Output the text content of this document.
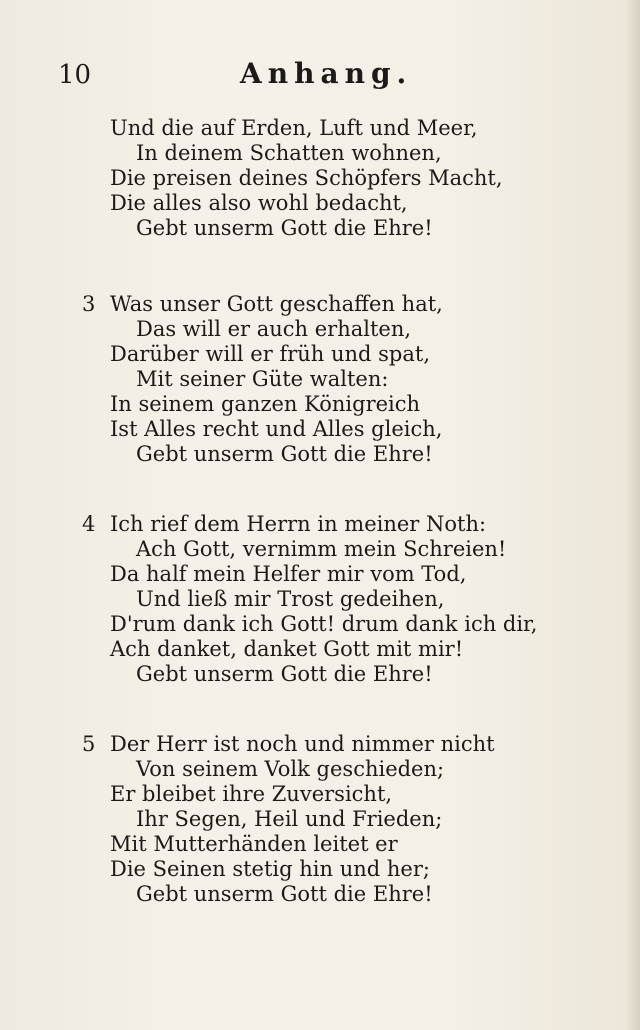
10	Anhang.
Und die auf Erden, Luft und Meer,
In deinem Schatten wohnen,
Die preisen deines Schöpfers Macht,
Die alles also wohl bedacht,
Gebt unserm Gott die Ehre!
3 Was unser Gott geschaffen hat,
Das will er auch erhalten,
Darüber will er früh und spat,
Mit seiner Güte walten:
In seinem ganzen Königreich
Ist Alles recht und Alles gleich,
Gebt unserm Gott die Ehre!
4 Ich rief dem Herrn in meiner Noth:
Ach Gott, vernimm mein Schreien!
Da half mein Helfer mir vom Tod,
Und ließ mir Trost gedeihen,
D'rum dank ich Gott! drum dank ich dir,
Ach danket, danket Gott mit mir!
Gebt unserm Gott die Ehre!
5 Der Herr ist noch und nimmer nicht
Von seinem Volk geschieden;
Er bleibet ihre Zuversicht,
Ihr Segen, Heil und Frieden;
Mit Mutterhänden leitet er
Die Seinen stetig hin und her;
Gebt unserm Gott die Ehre!
